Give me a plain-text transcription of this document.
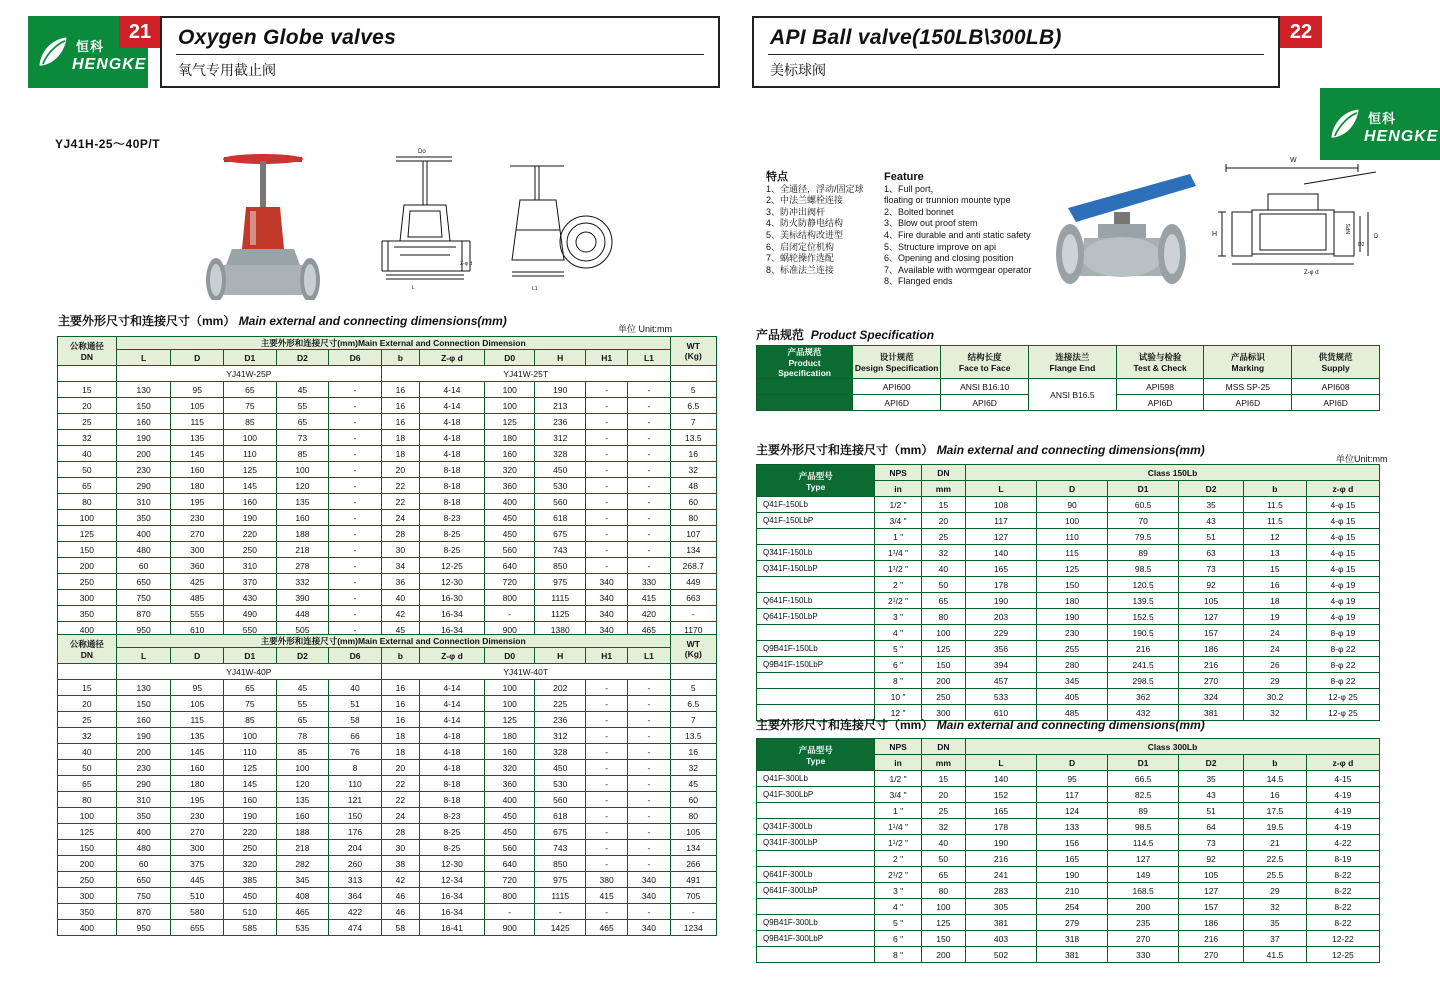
恒科
HENGKE
21	Oxygen Globe valves
氧气专用截止阀
API Ball valve(150LB\300LB)
美标球阀
22
恒科
HENGKE
YJ41H-25～40P/T
Do
Z-φ d
L	L1
主要外形尺寸和连接尺寸（mm） Main external and connecting dimensions(mm)
单位 Unit:mm
公称通径
DN
	主要外形和连接尺寸(mm)Main External and Connection Dimension	WT
(Kg)

	L	D	D1	D2	D6	b	Z-φ d	D0	H	H1	L1	
	YJ41W-25P					YJ41W-25T						
15	130	95	65	45	-	16	4-14	100	190	-	-	5
20	150	105	75	55	-	16	4-14	100	213	-	-	6.5
25	160	115	85	65	-	16	4-18	125	236	-	-	7
32	190	135	100	73	-	18	4-18	180	312	-	-	13.5
40	200	145	110	85	-	18	4-18	160	328	-	-	16
50	230	160	125	100	-	20	8-18	320	450	-	-	32
65	290	180	145	120	-	22	8-18	360	530	-	-	48
80	310	195	160	135	-	22	8-18	400	560	-	-	60
100	350	230	190	160	-	24	8-23	450	618	-	-	80
125	400	270	220	188	-	28	8-25	450	675	-	-	107
150	480	300	250	218	-	30	8-25	560	743	-	-	134
200	60	360	310	278	-	34	12-25	640	850	-	-	268.7
250	650	425	370	332	-	36	12-30	720	975	340	330	449
300	750	485	430	390	-	40	16-30	800	1115	340	415	663
350	870	555	490	448	-	42	16-34	-	1125	340	420	-
400	950	610	550	505	-	45	16-34	900	1380	340	465	1170
公称通径
DN
	主要外形和连接尺寸(mm)Main External and Connection Dimension	WT
(Kg)

	L	D	D1	D2	D6	b	Z-φ d	D0	H	H1	L1	
	YJ41W-40P					YJ41W-40T						
15	130	95	65	45	40	16	4-14	100	202	-	-	5
20	150	105	75	55	51	16	4-14	100	225	-	-	6.5
25	160	115	85	65	58	16	4-14	125	236	-	-	7
32	190	135	100	78	66	18	4-18	180	312	-	-	13.5
40	200	145	110	85	76	18	4-18	160	328	-	-	16
50	230	160	125	100	8	20	4-18	320	450	-	-	32
65	290	180	145	120	110	22	8-18	360	530	-	-	45
80	310	195	160	135	121	22	8-18	400	560	-	-	60
100	350	230	190	160	150	24	8-23	450	618	-	-	80
125	400	270	220	188	176	28	8-25	450	675	-	-	105
150	480	300	250	218	204	30	8-25	560	743	-	-	134
200	60	375	320	282	260	38	12-30	640	850	-	-	266
250	650	445	385	345	313	42	12-34	720	975	380	340	491
300	750	510	450	408	364	46	16-34	800	1115	415	340	705
350	870	580	510	465	422	46	16-34	-	-	-	-	-
400	950	655	585	535	474	58	16-41	900	1425	465	340	1234
特点
1、全通径，浮动/固定球
2、中法兰螺栓连接
3、防冲出阀杆
4、防火防静电结构
5、美标结构改进型
6、启闭定位机构
7、蜗轮操作选配
8、标准法兰连接
Feature
1、Full port，
floating or trunnion mounte type
2、Bolted bonnet
3、Blow out proof stem
4、Fire durable and anti static safety
5、Structure improve on api
6、Opening and closing position
7、Available with wormgear operator
8、Flanged ends
W
H	D
D2
NPS
Z-φ d
产品规范 Product Specification
产品规范
Product
Specification

设计规范
Design Specification

结构长度
Face to Face

连接法兰
Flange End

试验与检验
Test & Check

产品标识
Marking

供货规范
Supply

	API600	ANSI B16.10	ANSI B16.5	API598	MSS SP-25	API608
	API6D	API6D		API6D	API6D	API6D
主要外形尺寸和连接尺寸（mm） Main external and connecting dimensions(mm)
单位Unit:mm
产品型号
Type	NPS	DN	Class 150Lb					
	in	mm	L	D	D1	D2	b	z-φ d
Q41F-150Lb	1/2 "	15	108	90	60.5	35	11.5	4-φ 15
Q41F-150LbP	3/4 "	20	117	100	70	43	11.5	4-φ 15
	1 "	25	127	110	79.5	51	12	4-φ 15
Q341F-150Lb	1¹/4 "	32	140	115	89	63	13	4-φ 15
Q341F-150LbP	1¹/2 "	40	165	125	98.5	73	15	4-φ 15
	2 "	50	178	150	120.5	92	16	4-φ 19
Q641F-150Lb	2¹/2 "	65	190	180	139.5	105	18	4-φ 19
Q641F-150LbP	3 "	80	203	190	152.5	127	19	4-φ 19
	4 "	100	229	230	190.5	157	24	8-φ 19
Q9B41F-150Lb	5 "	125	356	255	216	186	24	8-φ 22
Q9B41F-150LbP	6 "	150	394	280	241.5	216	26	8-φ 22
	8 "	200	457	345	298.5	270	29	8-φ 22
	10 "	250	533	405	362	324	30.2	12-φ 25
	12 "	300	610	485	432	381	32	12-φ 25
主要外形尺寸和连接尺寸（mm） Main external and connecting dimensions(mm)
产品型号
Type	NPS	DN	Class 300Lb					
	in	mm	L	D	D1	D2	b	z-φ d
Q41F-300Lb	1/2 "	15	140	95	66.5	35	14.5	4-15
Q41F-300LbP	3/4 "	20	152	117	82.5	43	16	4-19
	1 "	25	165	124	89	51	17.5	4-19
Q341F-300Lb	1¹/4 "	32	178	133	98.5	64	19.5	4-19
Q341F-300LbP	1¹/2 "	40	190	156	114.5	73	21	4-22
	2 "	50	216	165	127	92	22.5	8-19
Q641F-300Lb	2¹/2 "	65	241	190	149	105	25.5	8-22
Q641F-300LbP	3 "	80	283	210	168.5	127	29	8-22
	4 "	100	305	254	200	157	32	8-22
Q9B41F-300Lb	5 "	125	381	279	235	186	35	8-22
Q9B41F-300LbP	6 "	150	403	318	270	216	37	12-22
	8 "	200	502	381	330	270	41.5	12-25
